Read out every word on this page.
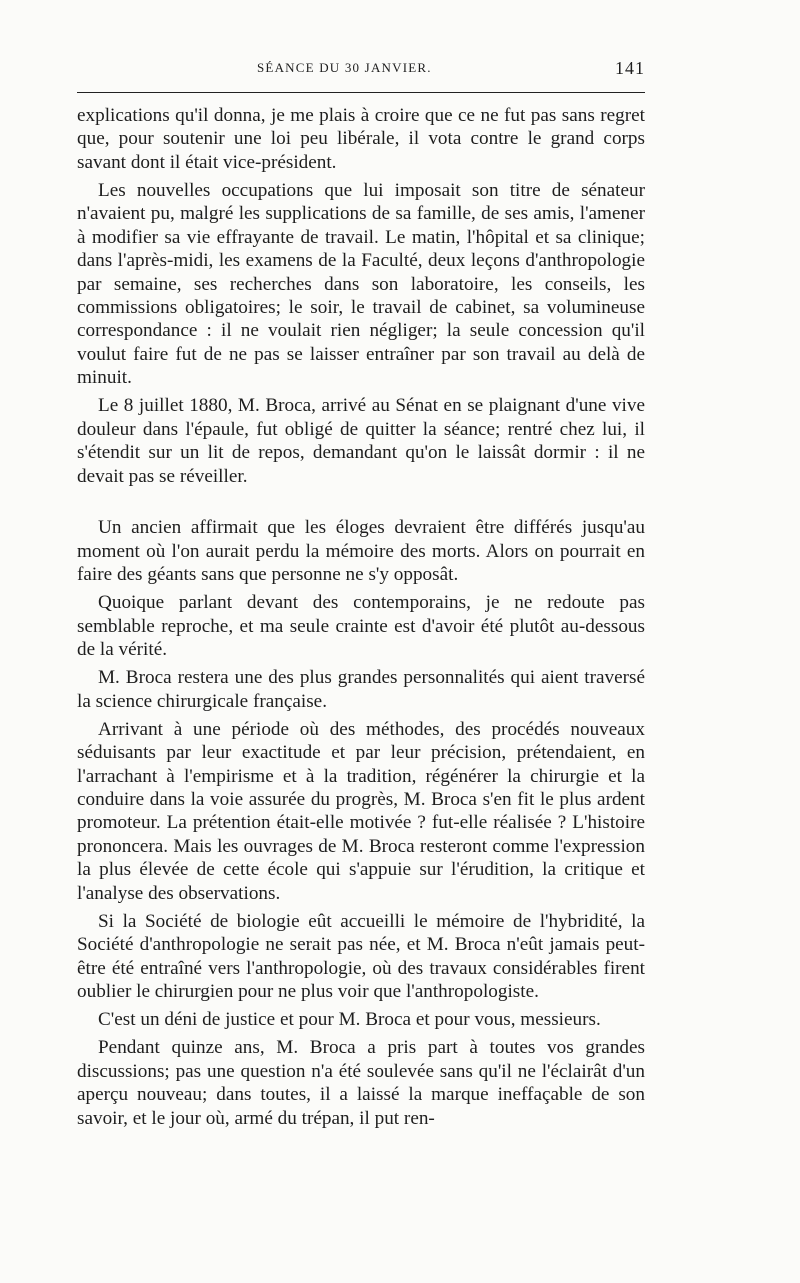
SÉANCE DU 30 JANVIER.	141

explications qu'il donna, je me plais à croire que ce ne fut pas sans regret que, pour soutenir une loi peu libérale, il vota contre le grand corps savant dont il était vice-président.

Les nouvelles occupations que lui imposait son titre de sénateur n'avaient pu, malgré les supplications de sa famille, de ses amis, l'amener à modifier sa vie effrayante de travail. Le matin, l'hôpital et sa clinique; dans l'après-midi, les examens de la Faculté, deux leçons d'anthropologie par semaine, ses recherches dans son laboratoire, les conseils, les commissions obligatoires; le soir, le travail de cabinet, sa volumineuse correspondance : il ne voulait rien négliger; la seule concession qu'il voulut faire fut de ne pas se laisser entraîner par son travail au delà de minuit.

Le 8 juillet 1880, M. Broca, arrivé au Sénat en se plaignant d'une vive douleur dans l'épaule, fut obligé de quitter la séance; rentré chez lui, il s'étendit sur un lit de repos, demandant qu'on le laissât dormir : il ne devait pas se réveiller.

Un ancien affirmait que les éloges devraient être différés jusqu'au moment où l'on aurait perdu la mémoire des morts. Alors on pourrait en faire des géants sans que personne ne s'y opposât.

Quoique parlant devant des contemporains, je ne redoute pas semblable reproche, et ma seule crainte est d'avoir été plutôt au-dessous de la vérité.

M. Broca restera une des plus grandes personnalités qui aient traversé la science chirurgicale française.

Arrivant à une période où des méthodes, des procédés nouveaux séduisants par leur exactitude et par leur précision, prétendaient, en l'arrachant à l'empirisme et à la tradition, régénérer la chirurgie et la conduire dans la voie assurée du progrès, M. Broca s'en fit le plus ardent promoteur. La prétention était-elle motivée ? fut-elle réalisée ? L'histoire prononcera. Mais les ouvrages de M. Broca resteront comme l'expression la plus élevée de cette école qui s'appuie sur l'érudition, la critique et l'analyse des observations.

Si la Société de biologie eût accueilli le mémoire de l'hybridité, la Société d'anthropologie ne serait pas née, et M. Broca n'eût jamais peut-être été entraîné vers l'anthropologie, où des travaux considérables firent oublier le chirurgien pour ne plus voir que l'anthropologiste.

C'est un déni de justice et pour M. Broca et pour vous, messieurs.

Pendant quinze ans, M. Broca a pris part à toutes vos grandes discussions; pas une question n'a été soulevée sans qu'il ne l'éclairât d'un aperçu nouveau; dans toutes, il a laissé la marque ineffaçable de son savoir, et le jour où, armé du trépan, il put ren-
